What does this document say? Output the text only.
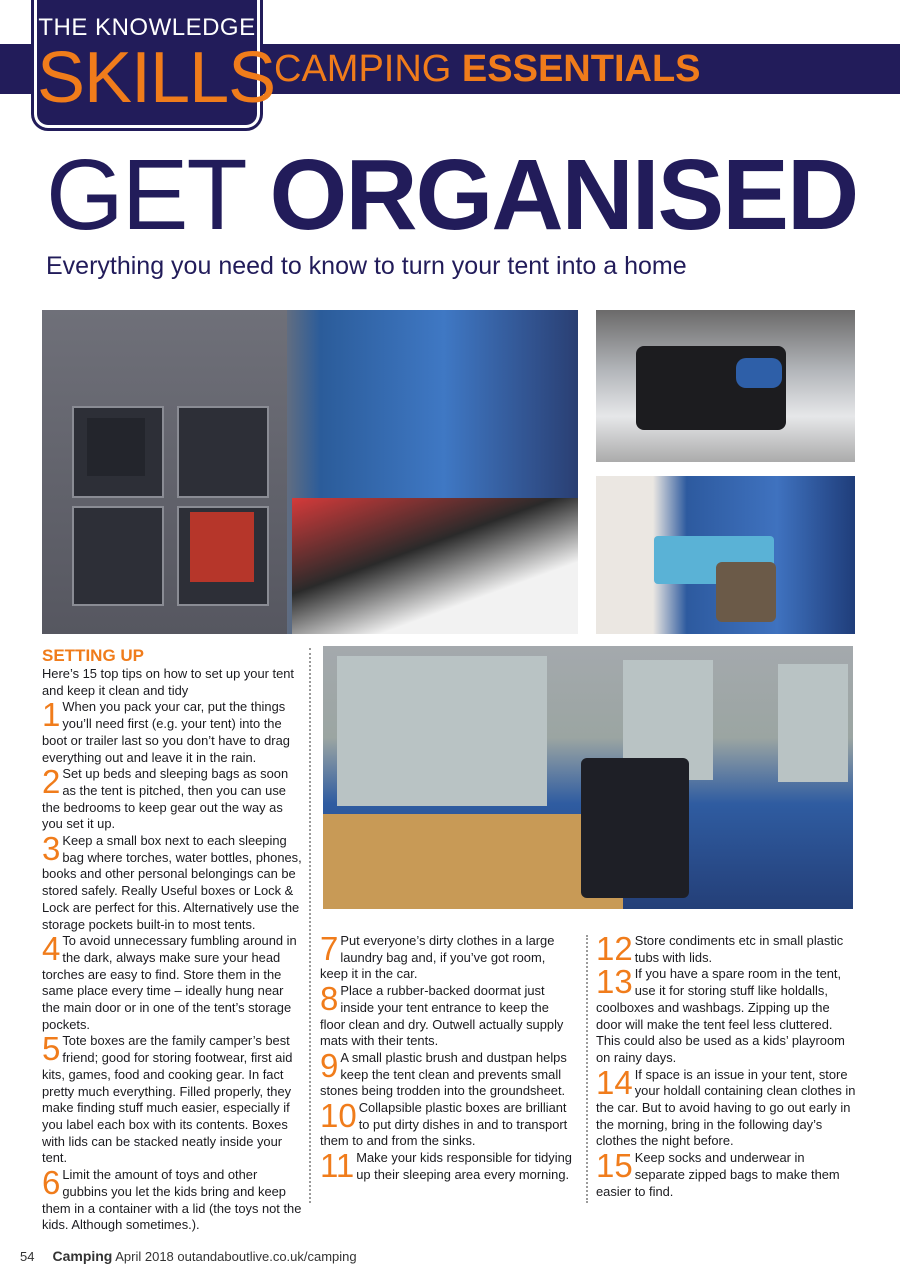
THE KNOWLEDGE
SKILLS
CAMPING ESSENTIALS
GET ORGANISED
Everything you need to know to turn your tent into a home

SETTING UP

Here’s 15 top tips on how to set up your tent and keep it clean and tidy

1 When you pack your car, put the things you’ll need first (e.g. your tent) into the boot or trailer last so you don’t have to drag everything out and leave it in the rain.

2 Set up beds and sleeping bags as soon as the tent is pitched, then you can use the bedrooms to keep gear out the way as you set it up.

3 Keep a small box next to each sleeping bag where torches, water bottles, phones, books and other personal belongings can be stored safely. Really Useful boxes or Lock & Lock are perfect for this. Alternatively use the storage pockets built-in to most tents.

4 To avoid unnecessary fumbling around in the dark, always make sure your head torches are easy to find. Store them in the same place every time – ideally hung near the main door or in one of the tent’s storage pockets.

5 Tote boxes are the family camper’s best friend; good for storing footwear, first aid kits, games, food and cooking gear. In fact pretty much everything. Filled properly, they make finding stuff much easier, especially if you label each box with its contents. Boxes with lids can be stacked neatly inside your tent.

6 Limit the amount of toys and other gubbins you let the kids bring and keep them in a container with a lid (the toys not the kids. Although sometimes.).

7 Put everyone’s dirty clothes in a large laundry bag and, if you’ve got room, keep it in the car.

8 Place a rubber-backed doormat just inside your tent entrance to keep the floor clean and dry. Outwell actually supply mats with their tents.

9 A small plastic brush and dustpan helps keep the tent clean and prevents small stones being trodden into the groundsheet.

10 Collapsible plastic boxes are brilliant to put dirty dishes in and to transport them to and from the sinks.

11 Make your kids responsible for tidying up their sleeping area every morning.

12 Store condiments etc in small plastic tubs with lids.

13 If you have a spare room in the tent, use it for storing stuff like holdalls, coolboxes and washbags. Zipping up the door will make the tent feel less cluttered. This could also be used as a kids’ playroom on rainy days.

14 If space is an issue in your tent, store your holdall containing clean clothes in the car. But to avoid having to go out early in the morning, bring in the following day’s clothes the night before.

15 Keep socks and underwear in separate zipped bags to make them easier to find.

54 Camping April 2018 outandaboutlive.co.uk/camping
